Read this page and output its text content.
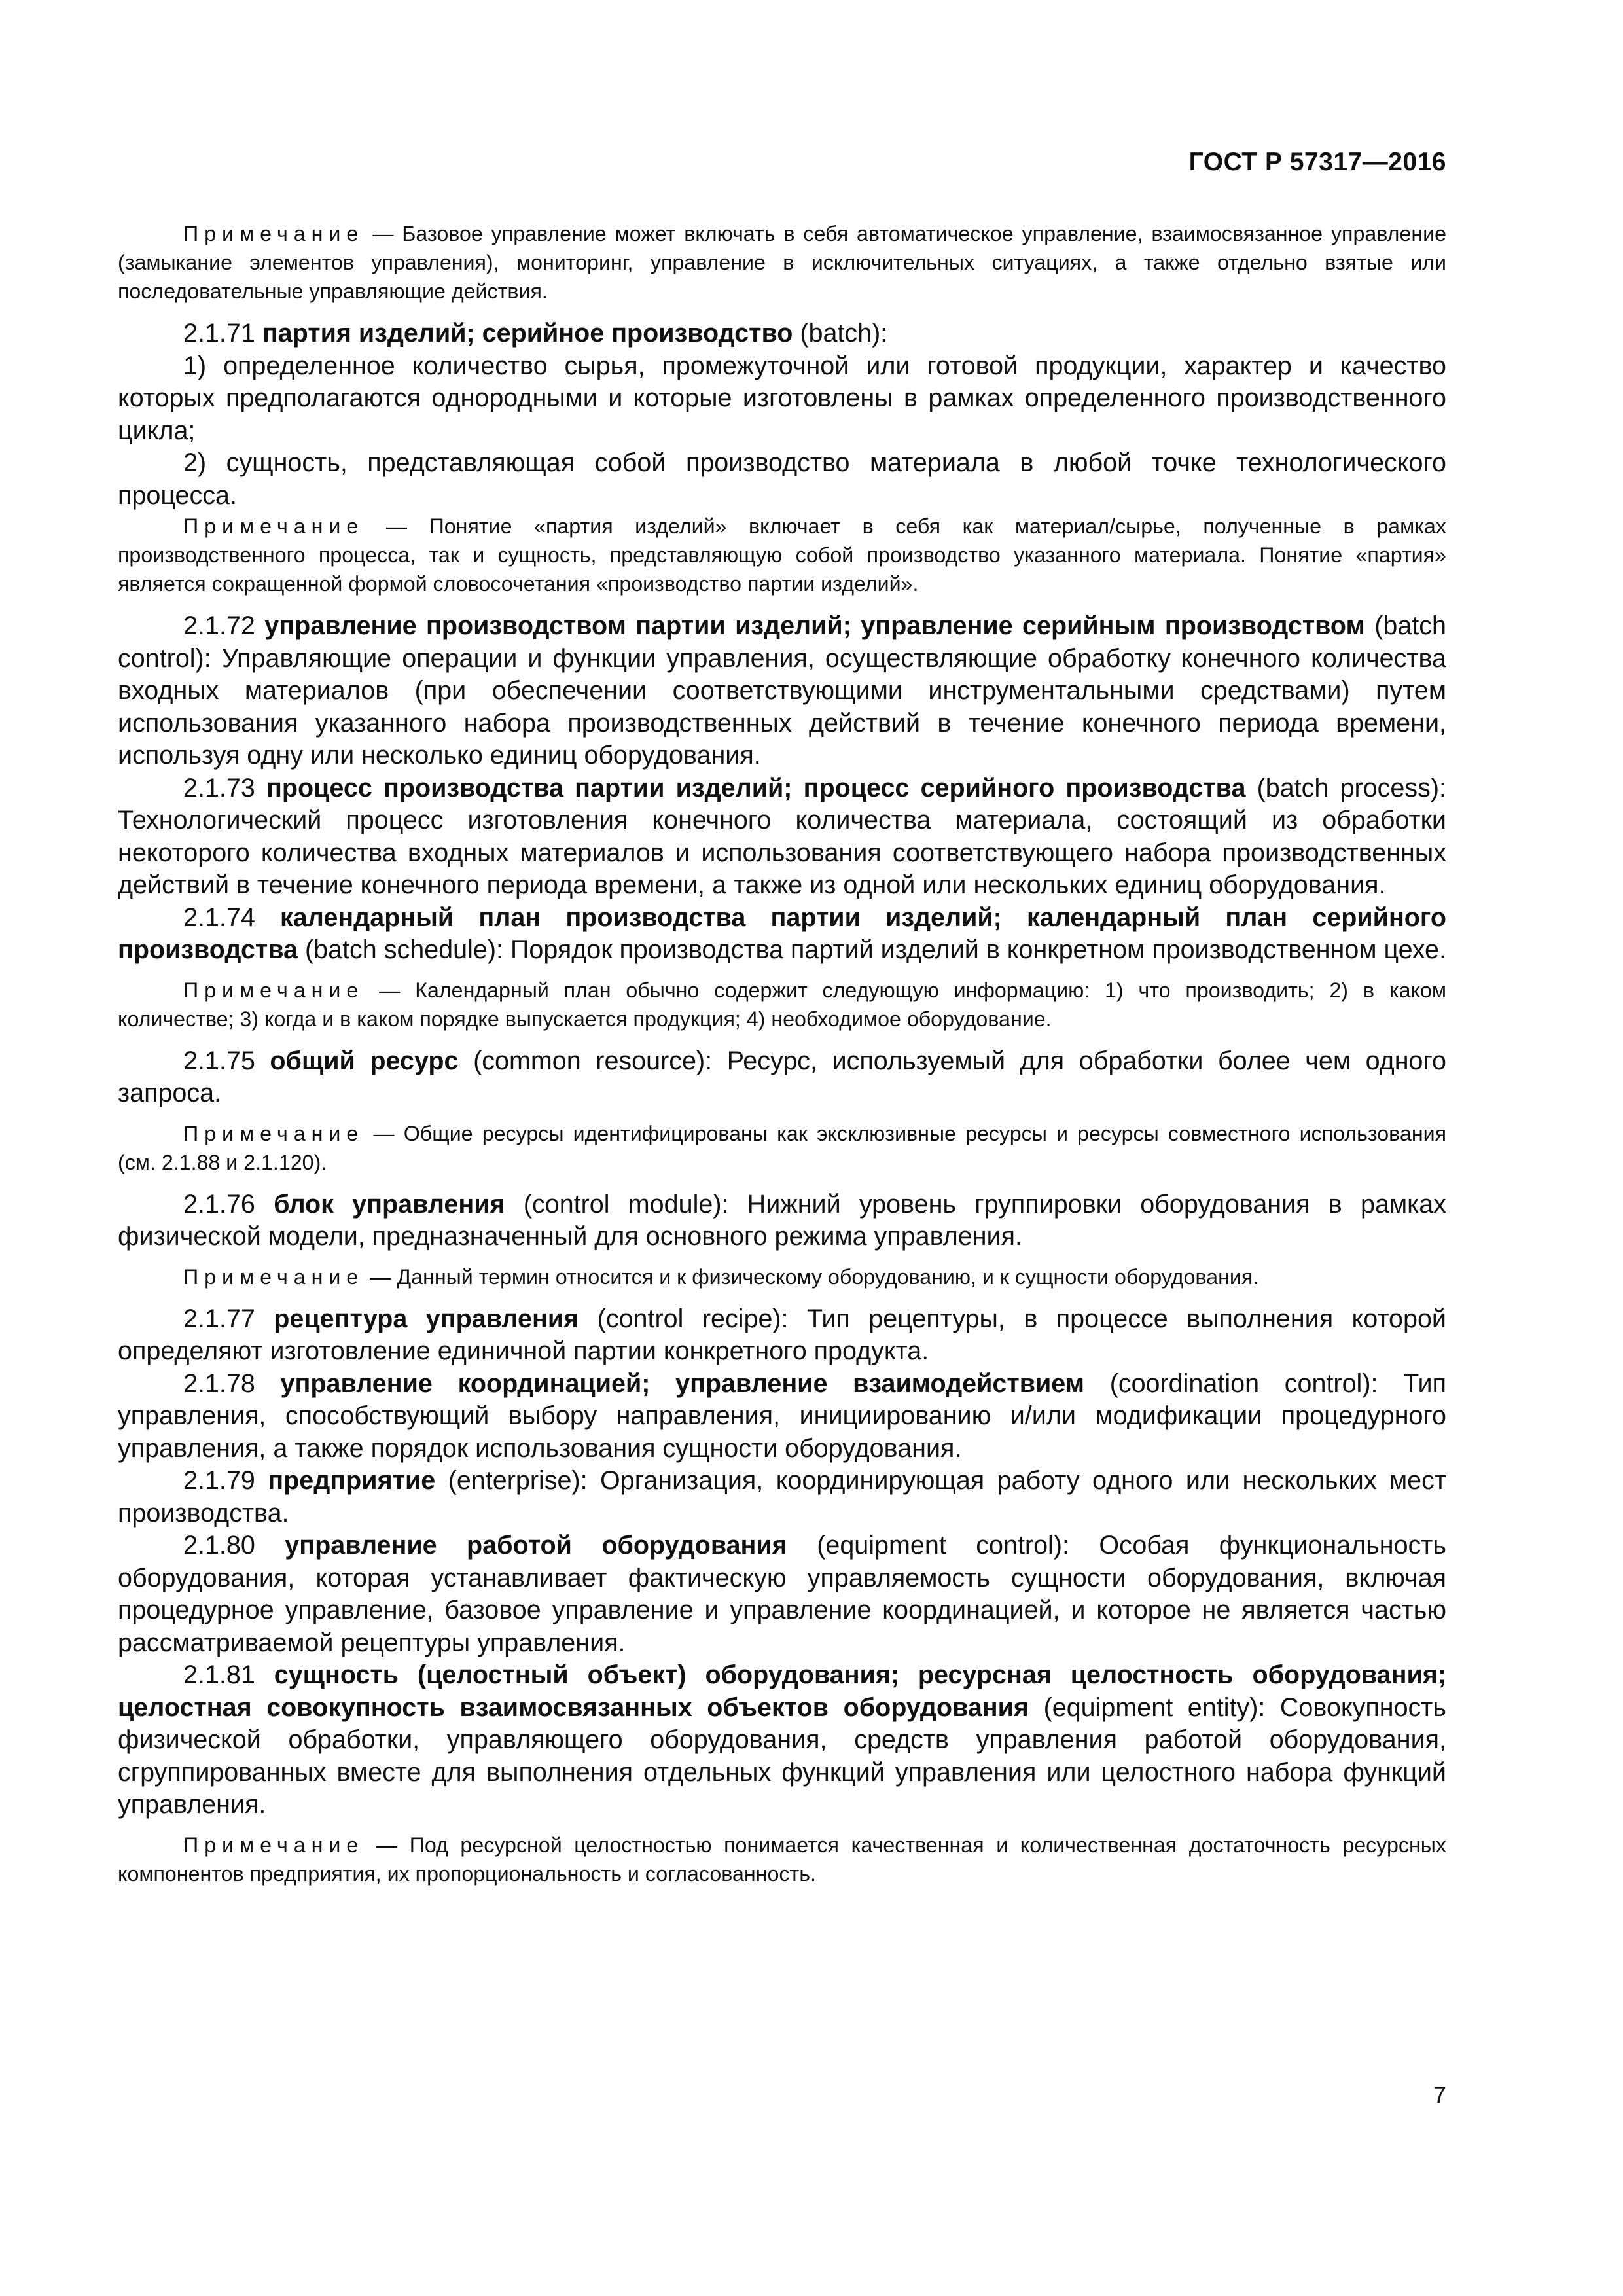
ГОСТ Р 57317—2016

Примечание — Базовое управление может включать в себя автоматическое управление, взаимосвязанное управление (замыкание элементов управления), мониторинг, управление в исключительных ситуациях, а также отдельно взятые или последовательные управляющие действия.

2.1.71 партия изделий; серийное производство (batch):

1) определенное количество сырья, промежуточной или готовой продукции, характер и качество которых предполагаются однородными и которые изготовлены в рамках определенного производственного цикла;

2) сущность, представляющая собой производство материала в любой точке технологического процесса.

Примечание — Понятие «партия изделий» включает в себя как материал/сырье, полученные в рамках производственного процесса, так и сущность, представляющую собой производство указанного материала. Понятие «партия» является сокращенной формой словосочетания «производство партии изделий».

2.1.72 управление производством партии изделий; управление серийным производством (batch control): Управляющие операции и функции управления, осуществляющие обработку конечного количества входных материалов (при обеспечении соответствующими инструментальными средствами) путем использования указанного набора производственных действий в течение конечного периода времени, используя одну или несколько единиц оборудования.

2.1.73 процесс производства партии изделий; процесс серийного производства (batch process): Технологический процесс изготовления конечного количества материала, состоящий из обработки некоторого количества входных материалов и использования соответствующего набора производственных действий в течение конечного периода времени, а также из одной или нескольких единиц оборудования.

2.1.74 календарный план производства партии изделий; календарный план серийного производства (batch schedule): Порядок производства партий изделий в конкретном производственном цехе.

Примечание — Календарный план обычно содержит следующую информацию: 1) что производить; 2) в каком количестве; 3) когда и в каком порядке выпускается продукция; 4) необходимое оборудование.

2.1.75 общий ресурс (common resource): Ресурс, используемый для обработки более чем одного запроса.

Примечание — Общие ресурсы идентифицированы как эксклюзивные ресурсы и ресурсы совместного использования (см. 2.1.88 и 2.1.120).

2.1.76 блок управления (control module): Нижний уровень группировки оборудования в рамках физической модели, предназначенный для основного режима управления.

Примечание — Данный термин относится и к физическому оборудованию, и к сущности оборудования.

2.1.77 рецептура управления (control recipe): Тип рецептуры, в процессе выполнения которой определяют изготовление единичной партии конкретного продукта.

2.1.78 управление координацией; управление взаимодействием (coordination control): Тип управления, способствующий выбору направления, инициированию и/или модификации процедурного управления, а также порядок использования сущности оборудования.

2.1.79 предприятие (enterprise): Организация, координирующая работу одного или нескольких мест производства.

2.1.80 управление работой оборудования (equipment control): Особая функциональность оборудования, которая устанавливает фактическую управляемость сущности оборудования, включая процедурное управление, базовое управление и управление координацией, и которое не является частью рассматриваемой рецептуры управления.

2.1.81 сущность (целостный объект) оборудования; ресурсная целостность оборудования; целостная совокупность взаимосвязанных объектов оборудования (equipment entity): Совокупность физической обработки, управляющего оборудования, средств управления работой оборудования, сгруппированных вместе для выполнения отдельных функций управления или целостного набора функций управления.

Примечание — Под ресурсной целостностью понимается качественная и количественная достаточность ресурсных компонентов предприятия, их пропорциональность и согласованность.

7
